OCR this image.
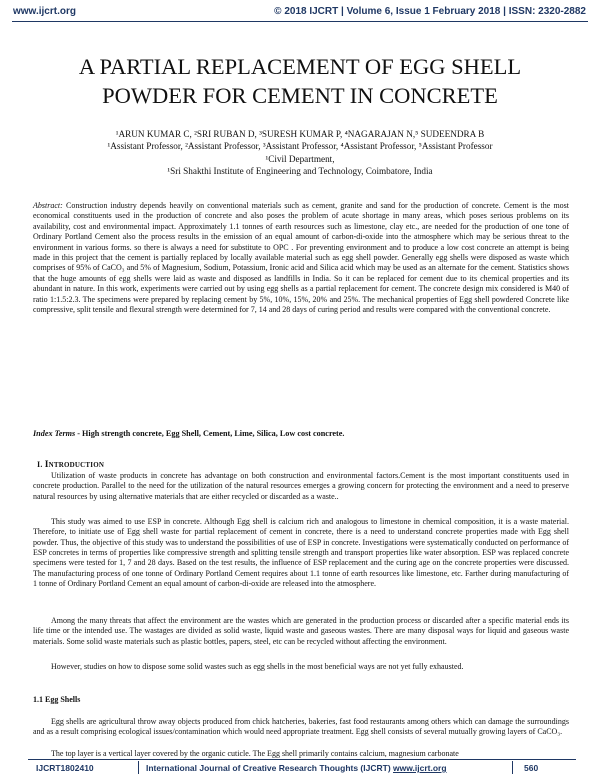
www.ijcrt.org	© 2018 IJCRT | Volume 6, Issue 1 February 2018 | ISSN: 2320-2882
A PARTIAL REPLACEMENT OF EGG SHELL
POWDER FOR CEMENT IN CONCRETE
¹ARUN KUMAR C, ²SRI RUBAN D, ³SURESH KUMAR P, ⁴NAGARAJAN N,⁵ SUDEENDRA B
¹Assistant Professor, ²Assistant Professor, ³Assistant Professor, ⁴Assistant Professor, ⁵Assistant Professor
¹Civil Department,
¹Sri Shakthi Institute of Engineering and Technology, Coimbatore, India
Abstract: Construction industry depends heavily on conventional materials such as cement, granite and sand for the production of concrete. Cement is the most economical constituents used in the production of concrete and also poses the problem of acute shortage in many areas, which poses serious problems on its availability, cost and environmental impact. Approximately 1.1 tonnes of earth resources such as limestone, clay etc., are needed for the production of one tone of Ordinary Portland Cement also the process results in the emission of an equal amount of carbon-di-oxide into the atmosphere which may be serious threat to the environment in various forms. so there is always a need for substitute to OPC . For preventing environment and to produce a low cost concrete an attempt is being made in this project that the cement is partially replaced by locally available material such as egg shell powder. Generally egg shells were disposed as waste which comprises of 95% of CaCO₃ and 5% of Magnesium, Sodium, Potassium, Ironic acid and Silica acid which may be used as an alternate for the cement. Statistics shows that the huge amounts of egg shells were laid as waste and disposed as landfills in India. So it can be replaced for cement due to its chemical properties and its abundant in nature. In this work, experiments were carried out by using egg shells as a partial replacement for cement. The concrete design mix considered is M40 of ratio 1:1.5:2.3. The specimens were prepared by replacing cement by 5%, 10%, 15%, 20% and 25%. The mechanical properties of Egg shell powdered Concrete like compressive, split tensile and flexural strength were determined for 7, 14 and 28 days of curing period and results were compared with the conventional concrete.
Index Terms - High strength concrete, Egg Shell, Cement, Lime, Silica, Low cost concrete.
I. INTRODUCTION

Utilization of waste products in concrete has advantage on both construction and environmental factors.Cement is the most important constituents used in concrete production. Parallel to the need for the utilization of the natural resources emerges a growing concern for protecting the environment and a need to preserve natural resources by using alternative materials that are either recycled or discarded as a waste..

This study was aimed to use ESP in concrete. Although Egg shell is calcium rich and analogous to limestone in chemical composition, it is a waste material. Therefore, to initiate use of Egg shell waste for partial replacement of cement in concrete, there is a need to understand concrete properties made with Egg shell powder. Thus, the objective of this study was to understand the possibilities of use of ESP in concrete. Investigations were systematically conducted on performance of ESP concretes in terms of properties like compressive strength and splitting tensile strength and transport properties like water absorption. ESP was replaced concrete specimens were tested for 1, 7 and 28 days. Based on the test results, the influence of ESP replacement and the curing age on the concrete properties were discussed. The manufacturing process of one tonne of Ordinary Portland Cement requires about 1.1 tonne of earth resources like limestone, etc. Farther during manufacturing of 1 tonne of Ordinary Portland Cement an equal amount of carbon-di-oxide are released into the atmosphere.

Among the many threats that affect the environment are the wastes which are generated in the production process or discarded after a specific material ends its life time or the intended use. The wastages are divided as solid waste, liquid waste and gaseous wastes. There are many disposal ways for liquid and gaseous waste materials. Some solid waste materials such as plastic bottles, papers, steel, etc can be recycled without affecting the environment.

However, studies on how to dispose some solid wastes such as egg shells in the most beneficial ways are not yet fully exhausted.

1.1 Egg Shells

Egg shells are agricultural throw away objects produced from chick hatcheries, bakeries, fast food restaurants among others which can damage the surroundings and as a result comprising ecological issues/contamination which would need appropriate treatment. Egg shell consists of several mutually growing layers of CaCO₃.

The top layer is a vertical layer covered by the organic cuticle. The Egg shell primarily contains calcium, magnesium carbonate

IJCRT1802410	International Journal of Creative Research Thoughts (IJCRT) www.ijcrt.org	560
